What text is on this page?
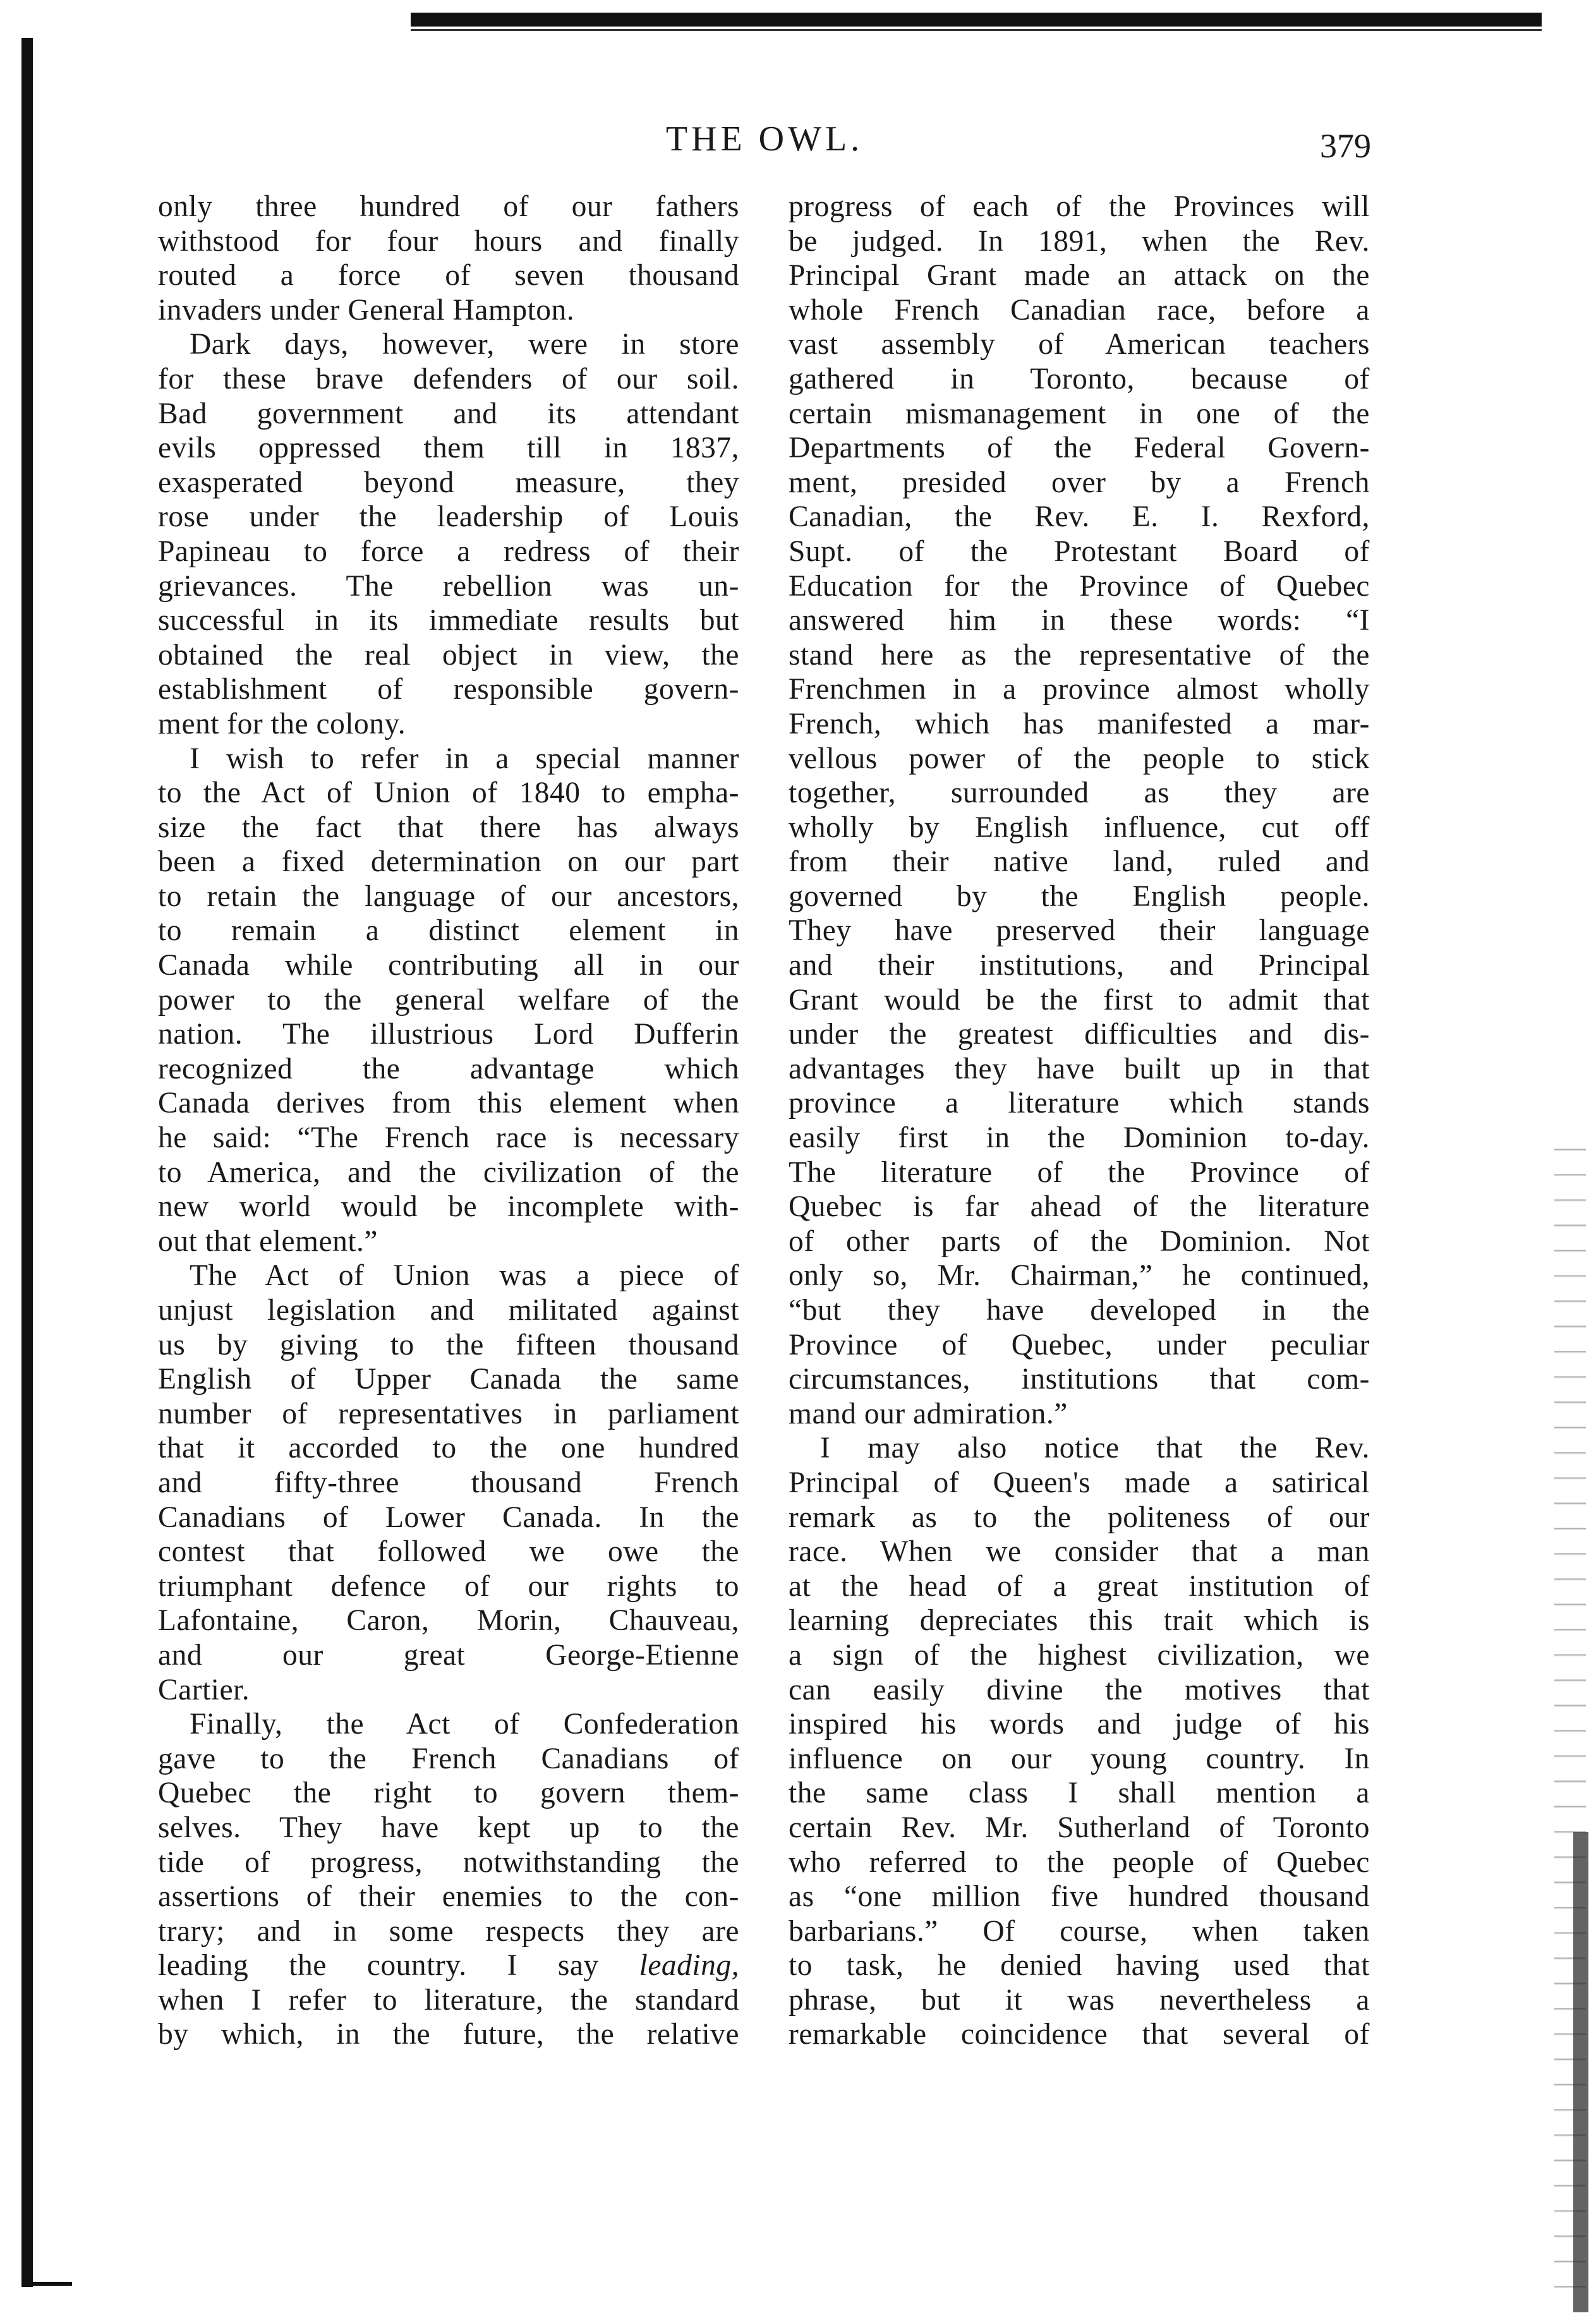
THE OWL.	379
only three hundred of our fathers
withstood for four hours and finally
routed a force of seven thousand
invaders under General Hampton.
Dark days, however, were in store
for these brave defenders of our soil.
Bad government and its attendant
evils oppressed them till in 1837,
exasperated beyond measure, they
rose under the leadership of Louis
Papineau to force a redress of their
grievances. The rebellion was un-
successful in its immediate results but
obtained the real object in view, the
establishment of responsible govern-
ment for the colony.
I wish to refer in a special manner
to the Act of Union of 1840 to empha-
size the fact that there has always
been a fixed determination on our part
to retain the language of our ancestors,
to remain a distinct element in
Canada while contributing all in our
power to the general welfare of the
nation. The illustrious Lord Dufferin
recognized the advantage which
Canada derives from this element when
he said: “The French race is necessary
to America, and the civilization of the
new world would be incomplete with-
out that element.”
The Act of Union was a piece of
unjust legislation and militated against
us by giving to the fifteen thousand
English of Upper Canada the same
number of representatives in parliament
that it accorded to the one hundred
and fifty-three thousand French
Canadians of Lower Canada. In the
contest that followed we owe the
triumphant defence of our rights to
Lafontaine, Caron, Morin, Chauveau,
and our great George-Etienne
Cartier.
Finally, the Act of Confederation
gave to the French Canadians of
Quebec the right to govern them-
selves. They have kept up to the
tide of progress, notwithstanding the
assertions of their enemies to the con-
trary; and in some respects they are
leading the country. I say leading,
when I refer to literature, the standard
by which, in the future, the relative
progress of each of the Provinces will
be judged. In 1891, when the Rev.
Principal Grant made an attack on the
whole French Canadian race, before a
vast assembly of American teachers
gathered in Toronto, because of
certain mismanagement in one of the
Departments of the Federal Govern-
ment, presided over by a French
Canadian, the Rev. E. I. Rexford,
Supt. of the Protestant Board of
Education for the Province of Quebec
answered him in these words: “I
stand here as the representative of the
Frenchmen in a province almost wholly
French, which has manifested a mar-
vellous power of the people to stick
together, surrounded as they are
wholly by English influence, cut off
from their native land, ruled and
governed by the English people.
They have preserved their language
and their institutions, and Principal
Grant would be the first to admit that
under the greatest difficulties and dis-
advantages they have built up in that
province a literature which stands
easily first in the Dominion to-day.
The literature of the Province of
Quebec is far ahead of the literature
of other parts of the Dominion. Not
only so, Mr. Chairman,” he continued,
“but they have developed in the
Province of Quebec, under peculiar
circumstances, institutions that com-
mand our admiration.”
I may also notice that the Rev.
Principal of Queen's made a satirical
remark as to the politeness of our
race. When we consider that a man
at the head of a great institution of
learning depreciates this trait which is
a sign of the highest civilization, we
can easily divine the motives that
inspired his words and judge of his
influence on our young country. In
the same class I shall mention a
certain Rev. Mr. Sutherland of Toronto
who referred to the people of Quebec
as “one million five hundred thousand
barbarians.” Of course, when taken
to task, he denied having used that
phrase, but it was nevertheless a
remarkable coincidence that several of
